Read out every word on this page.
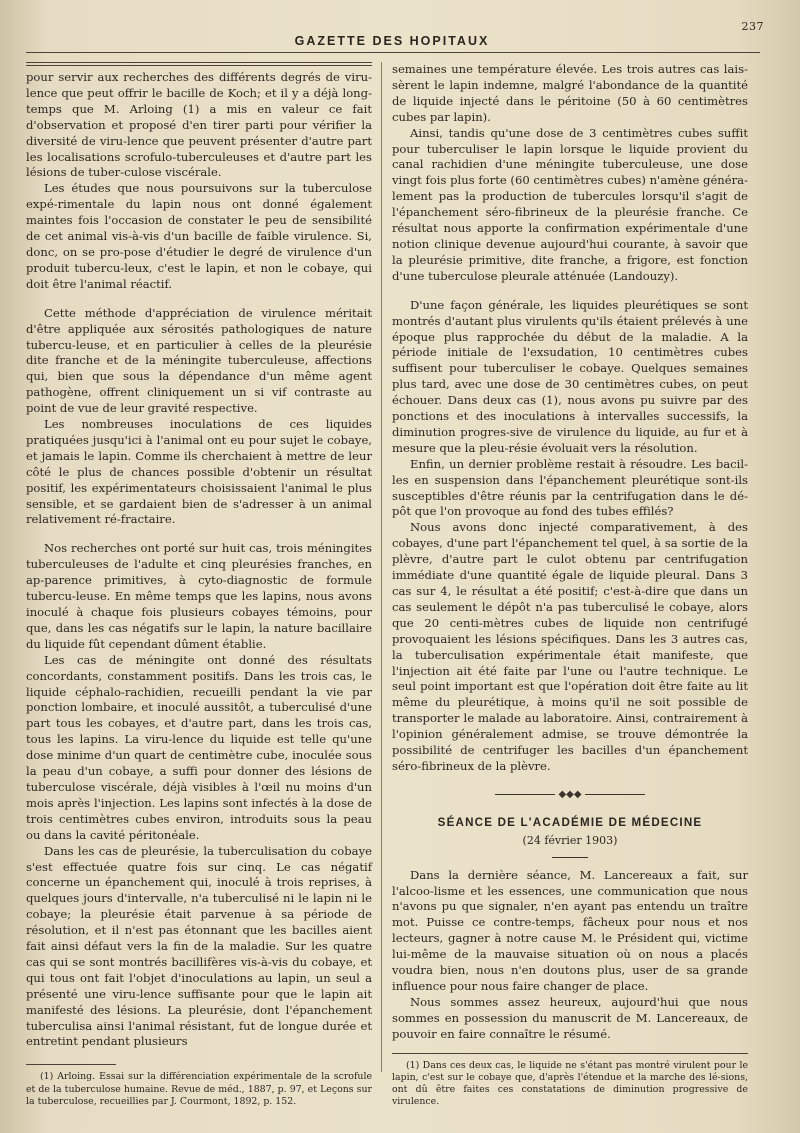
GAZETTE DES HOPITAUX
237

pour servir aux recherches des différents degrés de viru-lence que peut offrir le bacille de Koch; et il y a déjà long-temps que M. Arloing (1) a mis en valeur ce fait d'observation et proposé d'en tirer parti pour vérifier la diversité de viru-lence que peuvent présenter d'autre part les localisations scrofulo-tuberculeuses et d'autre part les lésions de tuber-culose viscérale.

Les études que nous poursuivons sur la tuberculose expé-rimentale du lapin nous ont donné également maintes fois l'occasion de constater le peu de sensibilité de cet animal vis-à-vis d'un bacille de faible virulence. Si, donc, on se pro-pose d'étudier le degré de virulence d'un produit tubercu-leux, c'est le lapin, et non le cobaye, qui doit être l'animal réactif.

Cette méthode d'appréciation de virulence méritait d'être appliquée aux sérosités pathologiques de nature tubercu-leuse, et en particulier à celles de la pleurésie dite franche et de la méningite tuberculeuse, affections qui, bien que sous la dépendance d'un même agent pathogène, offrent cliniquement un si vif contraste au point de vue de leur gravité respective.

Les nombreuses inoculations de ces liquides pratiquées jusqu'ici à l'animal ont eu pour sujet le cobaye, et jamais le lapin. Comme ils cherchaient à mettre de leur côté le plus de chances possible d'obtenir un résultat positif, les expérimentateurs choisissaient l'animal le plus sensible, et se gardaient bien de s'adresser à un animal relativement ré-fractaire.

Nos recherches ont porté sur huit cas, trois méningites tuberculeuses de l'adulte et cinq pleurésies franches, en ap-parence primitives, à cyto-diagnostic de formule tubercu-leuse. En même temps que les lapins, nous avons inoculé à chaque fois plusieurs cobayes témoins, pour que, dans les cas négatifs sur le lapin, la nature bacillaire du liquide fût cependant dûment établie.

Les cas de méningite ont donné des résultats concordants, constamment positifs. Dans les trois cas, le liquide céphalo-rachidien, recueilli pendant la vie par ponction lombaire, et inoculé aussitôt, a tuberculisé d'une part tous les cobayes, et d'autre part, dans les trois cas, tous les lapins. La viru-lence du liquide est telle qu'une dose minime d'un quart de centimètre cube, inoculée sous la peau d'un cobaye, a suffi pour donner des lésions de tuberculose viscérale, déjà visibles à l'œil nu moins d'un mois après l'injection. Les lapins sont infectés à la dose de trois centimètres cubes environ, introduits sous la peau ou dans la cavité péritonéale.

Dans les cas de pleurésie, la tuberculisation du cobaye s'est effectuée quatre fois sur cinq. Le cas négatif concerne un épanchement qui, inoculé à trois reprises, à quelques jours d'intervalle, n'a tuberculisé ni le lapin ni le cobaye; la pleurésie était parvenue à sa période de résolution, et il n'est pas étonnant que les bacilles aient fait ainsi défaut vers la fin de la maladie. Sur les quatre cas qui se sont montrés bacillifères vis-à-vis du cobaye, et qui tous ont fait l'objet d'inoculations au lapin, un seul a présenté une viru-lence suffisante pour que le lapin ait manifesté des lésions. La pleurésie, dont l'épanchement tuberculisa ainsi l'animal résistant, fut de longue durée et entretint pendant plusieurs

(1) Arloing. Essai sur la différenciation expérimentale de la scrofule et de la tuberculose humaine. Revue de méd., 1887, p. 97, et Leçons sur la tuberculose, recueillies par J. Courmont, 1892, p. 152.

semaines une température élevée. Les trois autres cas lais-sèrent le lapin indemne, malgré l'abondance de la quantité de liquide injecté dans le péritoine (50 à 60 centimètres cubes par lapin).

Ainsi, tandis qu'une dose de 3 centimètres cubes suffit pour tuberculiser le lapin lorsque le liquide provient du canal rachidien d'une méningite tuberculeuse, une dose vingt fois plus forte (60 centimètres cubes) n'amène généra-lement pas la production de tubercules lorsqu'il s'agit de l'épanchement séro-fibrineux de la pleurésie franche. Ce résultat nous apporte la confirmation expérimentale d'une notion clinique devenue aujourd'hui courante, à savoir que la pleurésie primitive, dite franche, a frigore, est fonction d'une tuberculose pleurale atténuée (Landouzy).

D'une façon générale, les liquides pleurétiques se sont montrés d'autant plus virulents qu'ils étaient prélevés à une époque plus rapprochée du début de la maladie. A la période initiale de l'exsudation, 10 centimètres cubes suffisent pour tuberculiser le cobaye. Quelques semaines plus tard, avec une dose de 30 centimètres cubes, on peut échouer. Dans deux cas (1), nous avons pu suivre par des ponctions et des inoculations à intervalles successifs, la diminution progres-sive de virulence du liquide, au fur et à mesure que la pleu-résie évoluait vers la résolution.

Enfin, un dernier problème restait à résoudre. Les bacil-les en suspension dans l'épanchement pleurétique sont-ils susceptibles d'être réunis par la centrifugation dans le dé-pôt que l'on provoque au fond des tubes effilés?

Nous avons donc injecté comparativement, à des cobayes, d'une part l'épanchement tel quel, à sa sortie de la plèvre, d'autre part le culot obtenu par centrifugation immédiate d'une quantité égale de liquide pleural. Dans 3 cas sur 4, le résultat a été positif; c'est-à-dire que dans un cas seulement le dépôt n'a pas tuberculisé le cobaye, alors que 20 centi-mètres cubes de liquide non centrifugé provoquaient les lésions spécifiques. Dans les 3 autres cas, la tuberculisation expérimentale était manifeste, que l'injection ait été faite par l'une ou l'autre technique. Le seul point important est que l'opération doit être faite au lit même du pleurétique, à moins qu'il ne soit possible de transporter le malade au laboratoire. Ainsi, contrairement à l'opinion généralement admise, se trouve démontrée la possibilité de centrifuger les bacilles d'un épanchement séro-fibrineux de la plèvre.

◆◆◆
SÉANCE DE L'ACADÉMIE DE MÉDECINE
(24 février 1903)

Dans la dernière séance, M. Lancereaux a fait, sur l'alcoo-lisme et les essences, une communication que nous n'avons pu que signaler, n'en ayant pas entendu un traître mot. Puisse ce contre-temps, fâcheux pour nous et nos lecteurs, gagner à notre cause M. le Président qui, victime lui-même de la mauvaise situation où on nous a placés voudra bien, nous n'en doutons plus, user de sa grande influence pour nous faire changer de place.

Nous sommes assez heureux, aujourd'hui que nous sommes en possession du manuscrit de M. Lancereaux, de pouvoir en faire connaître le résumé.

(1) Dans ces deux cas, le liquide ne s'étant pas montré virulent pour le lapin, c'est sur le cobaye que, d'après l'étendue et la marche des lé-sions, ont dû être faites ces constatations de diminution progressive de virulence.
